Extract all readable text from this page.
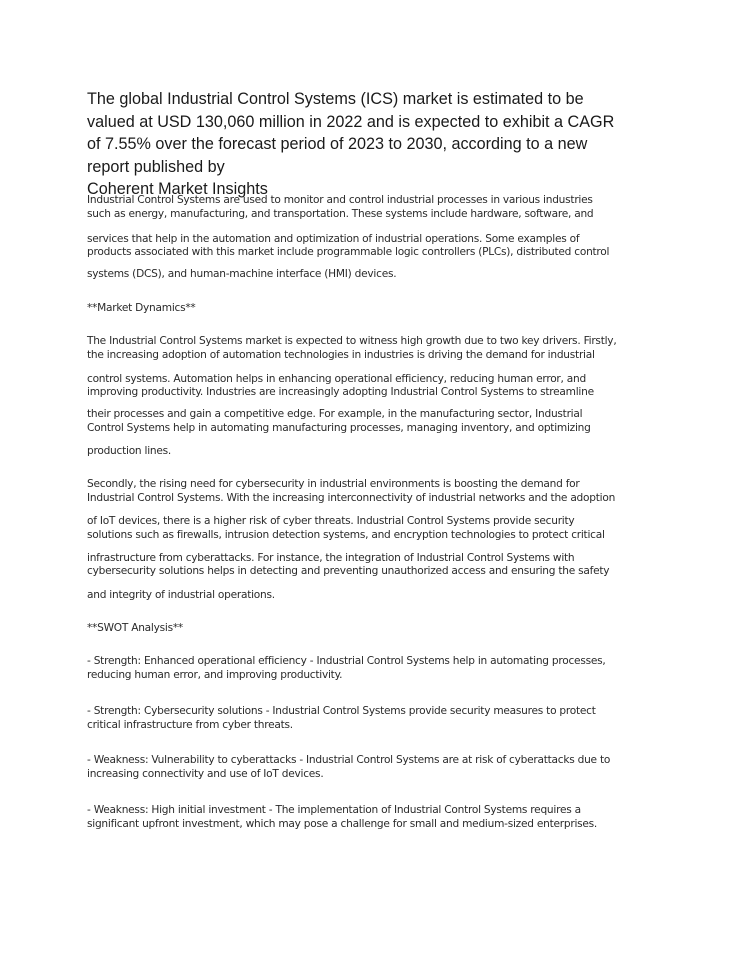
The global Industrial Control Systems (ICS) market is estimated to be
valued at USD 130,060 million in 2022 and is expected to exhibit a CAGR
of 7.55% over the forecast period of 2023 to 2030, according to a new
report published by
Coherent Market Insights
Industrial Control Systems are used to monitor and control industrial processes in various industries
such as energy, manufacturing, and transportation. These systems include hardware, software, and
services that help in the automation and optimization of industrial operations. Some examples of
products associated with this market include programmable logic controllers (PLCs), distributed control
systems (DCS), and human-machine interface (HMI) devices.
**Market Dynamics**
The Industrial Control Systems market is expected to witness high growth due to two key drivers. Firstly,
the increasing adoption of automation technologies in industries is driving the demand for industrial
control systems. Automation helps in enhancing operational efficiency, reducing human error, and
improving productivity. Industries are increasingly adopting Industrial Control Systems to streamline
their processes and gain a competitive edge. For example, in the manufacturing sector, Industrial
Control Systems help in automating manufacturing processes, managing inventory, and optimizing
production lines.
Secondly, the rising need for cybersecurity in industrial environments is boosting the demand for
Industrial Control Systems. With the increasing interconnectivity of industrial networks and the adoption
of IoT devices, there is a higher risk of cyber threats. Industrial Control Systems provide security
solutions such as firewalls, intrusion detection systems, and encryption technologies to protect critical
infrastructure from cyberattacks. For instance, the integration of Industrial Control Systems with
cybersecurity solutions helps in detecting and preventing unauthorized access and ensuring the safety
and integrity of industrial operations.
**SWOT Analysis**
- Strength: Enhanced operational efficiency - Industrial Control Systems help in automating processes,
reducing human error, and improving productivity.
- Strength: Cybersecurity solutions - Industrial Control Systems provide security measures to protect
critical infrastructure from cyber threats.
- Weakness: Vulnerability to cyberattacks - Industrial Control Systems are at risk of cyberattacks due to
increasing connectivity and use of IoT devices.
- Weakness: High initial investment - The implementation of Industrial Control Systems requires a
significant upfront investment, which may pose a challenge for small and medium-sized enterprises.
